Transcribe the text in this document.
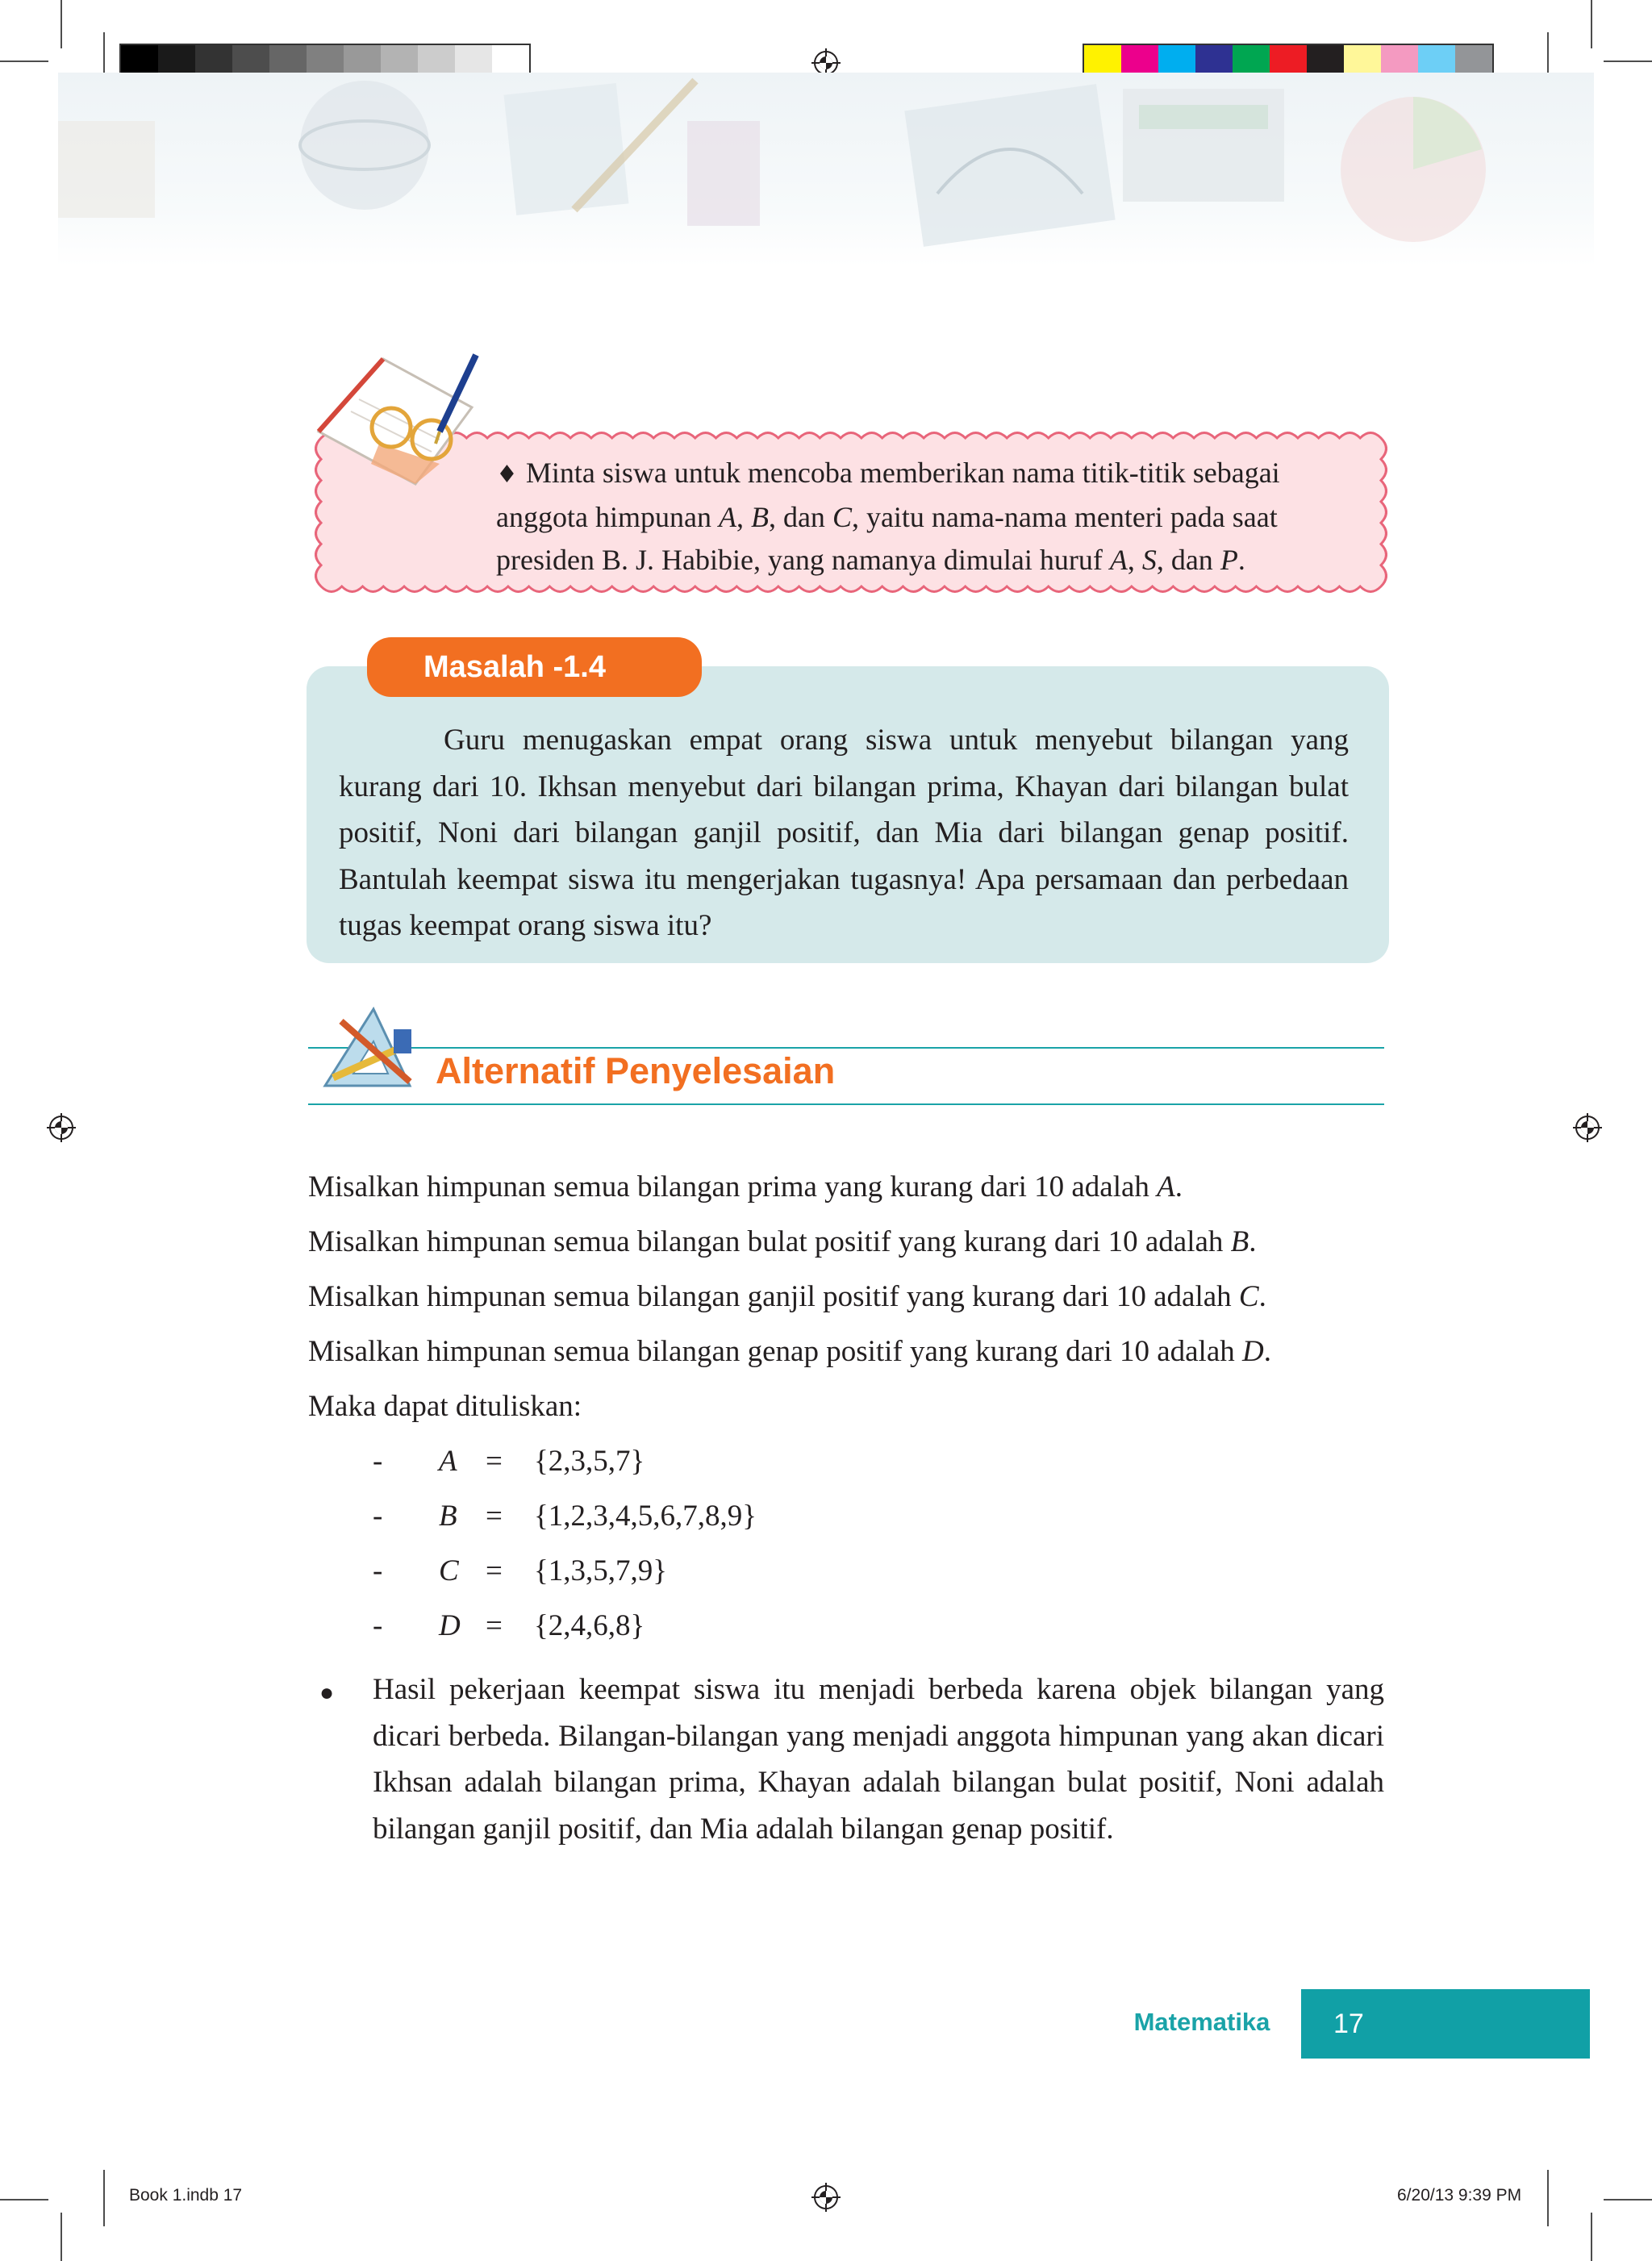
♦ Minta siswa untuk mencoba memberikan nama titik-titik sebagai
anggota himpunan A, B, dan C, yaitu nama-nama menteri pada saat
presiden B. J. Habibie, yang namanya dimulai huruf A, S, dan P.
Masalah -1.4
Guru menugaskan empat orang siswa untuk menyebut bilangan yang kurang dari 10. Ikhsan menyebut dari bilangan prima, Khayan dari bilangan bulat positif, Noni dari bilangan ganjil positif, dan Mia dari bilangan genap positif. Bantulah keempat siswa itu mengerjakan tugasnya! Apa persamaan dan perbedaan tugas keempat orang siswa itu?
Alternatif Penyelesaian
Misalkan himpunan semua bilangan prima yang kurang dari 10 adalah A.
Misalkan himpunan semua bilangan bulat positif yang kurang dari 10 adalah B.
Misalkan himpunan semua bilangan ganjil positif yang kurang dari 10 adalah C.
Misalkan himpunan semua bilangan genap positif yang kurang dari 10 adalah D.
Maka dapat dituliskan:
- A = {2,3,5,7}
- B = {1,2,3,4,5,6,7,8,9}
- C = {1,3,5,7,9}
- D = {2,4,6,8}
● Hasil pekerjaan keempat siswa itu menjadi berbeda karena objek bilangan yang dicari berbeda. Bilangan-bilangan yang menjadi anggota himpunan yang akan dicari Ikhsan adalah bilangan prima, Khayan adalah bilangan bulat positif, Noni adalah bilangan ganjil positif, dan Mia adalah bilangan genap positif.
Matematika	17
Book 1.indb 17	6/20/13 9:39 PM
